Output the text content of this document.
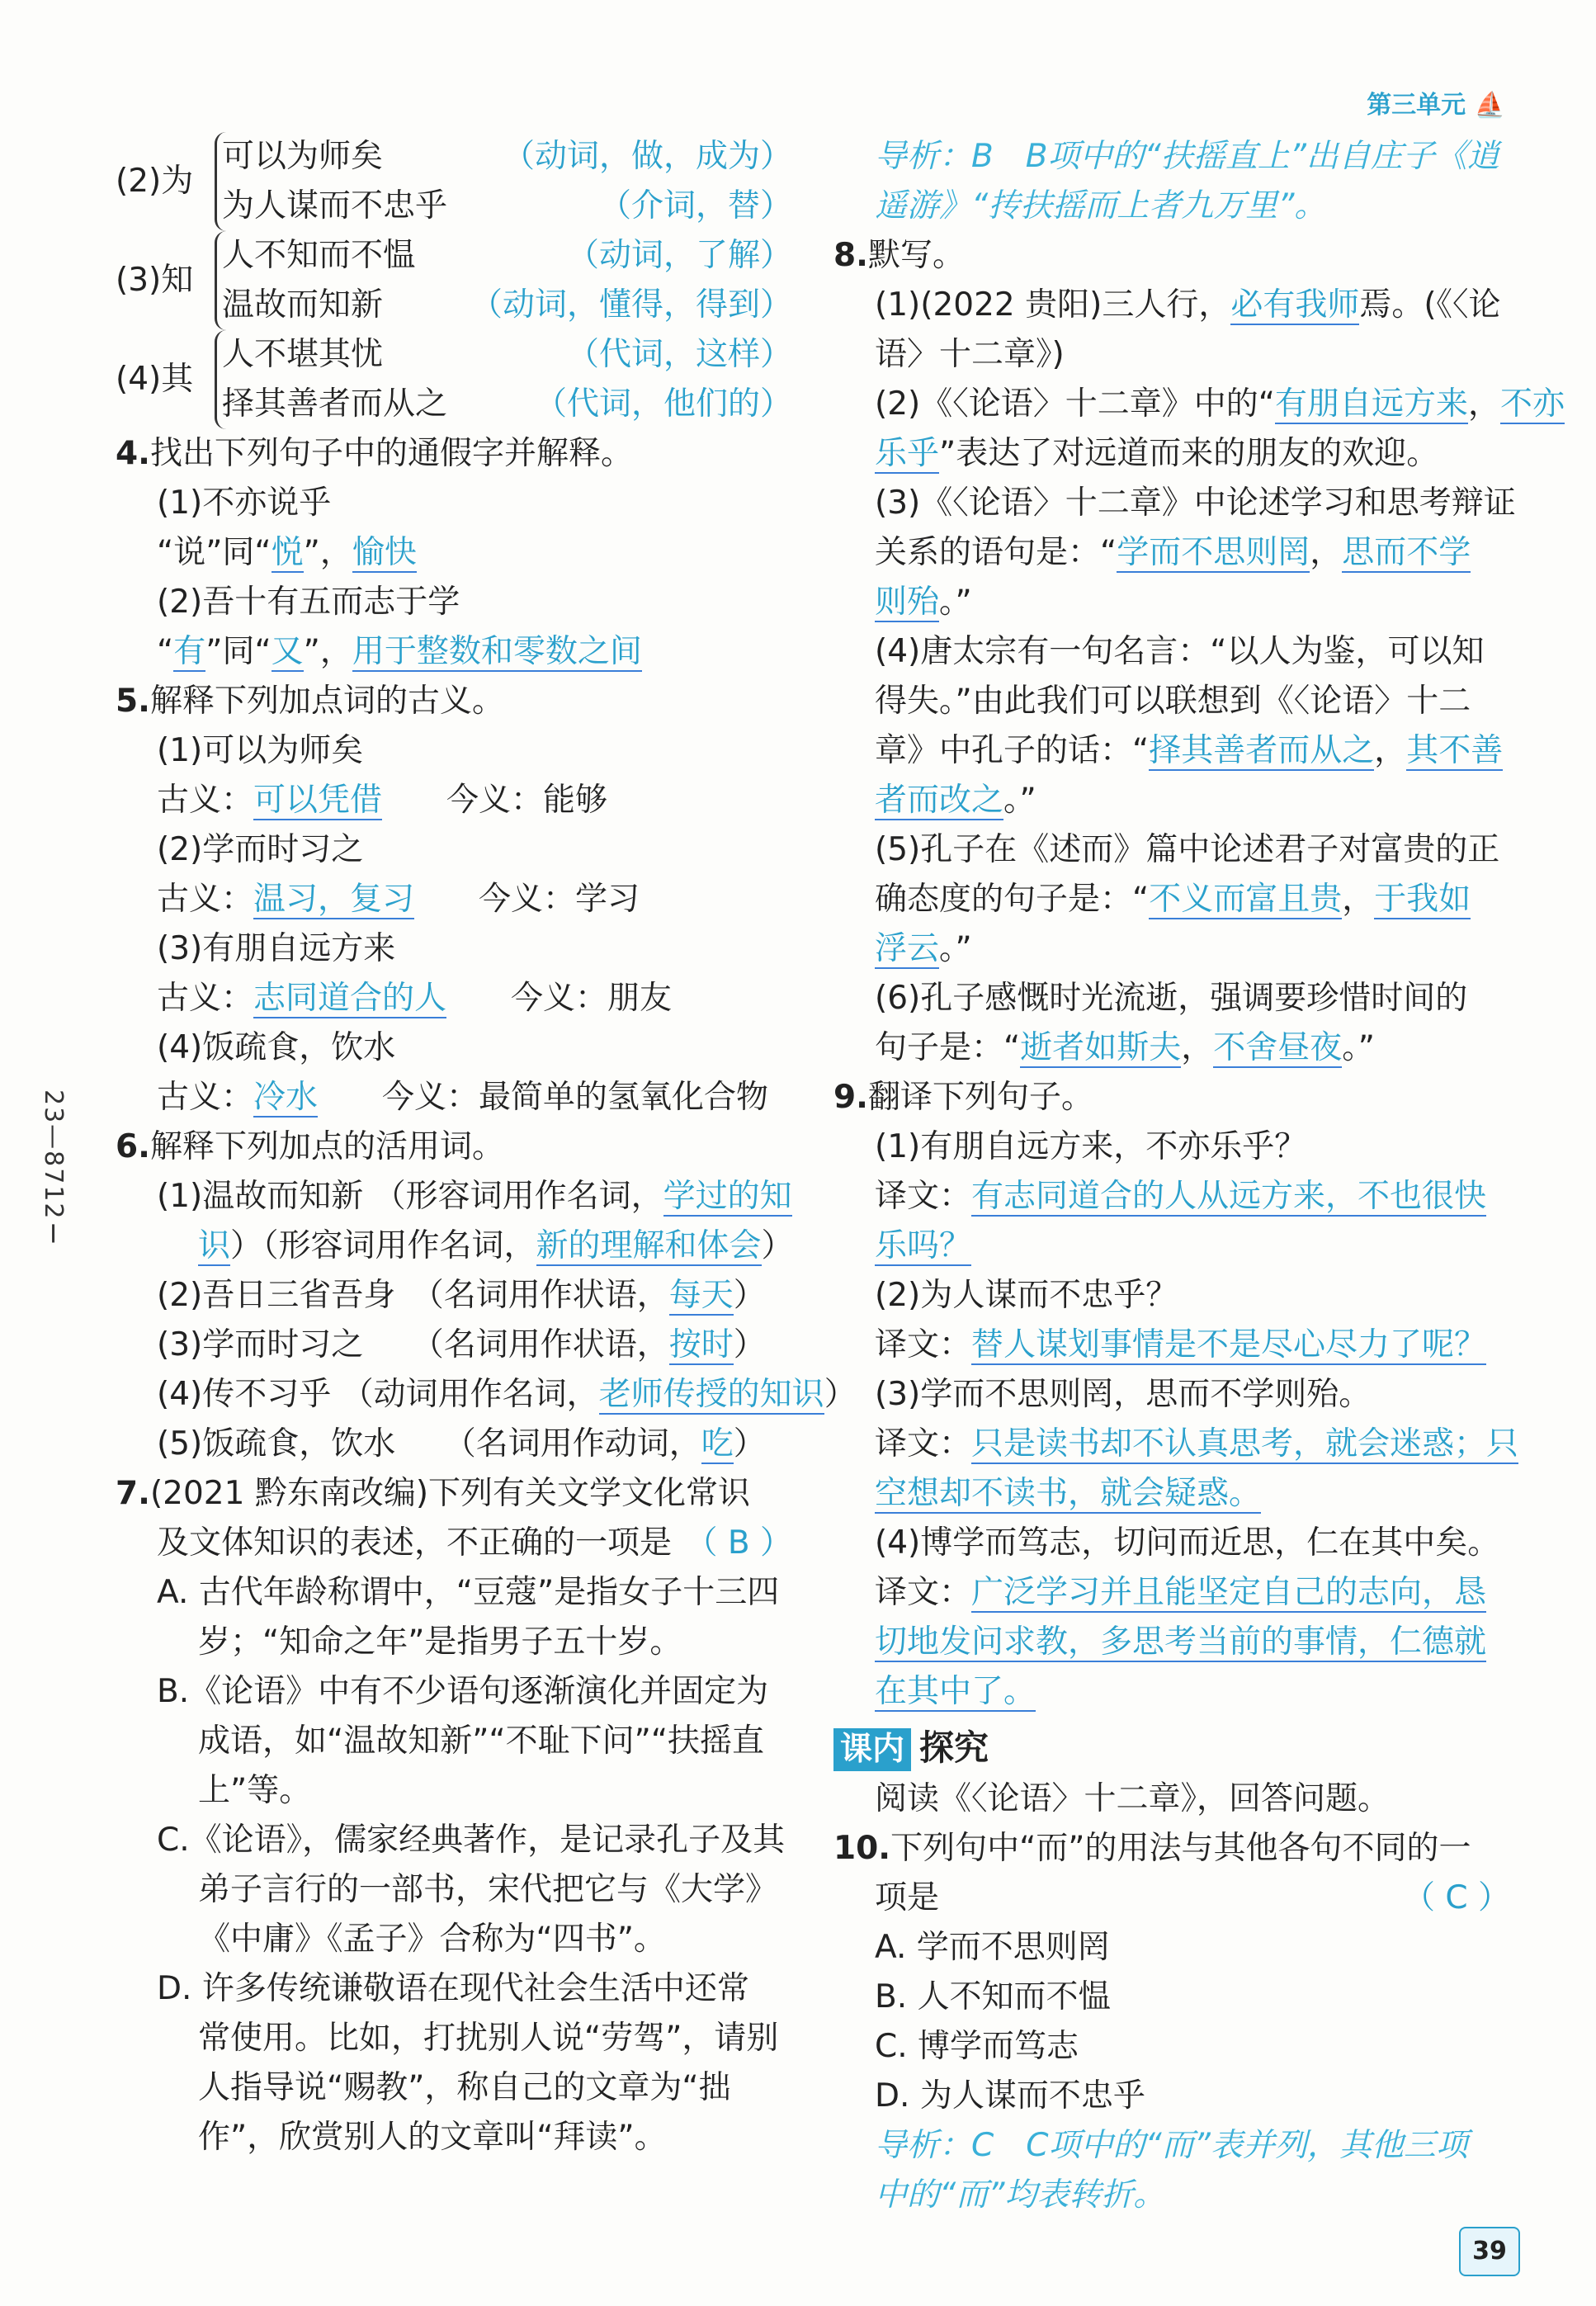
第三单元 ⛵
23—8712Ⅰ
(2)为
可以为师矣	（动词，做，成为）
为人谋而不忠乎	（介词，替）
(3)知
人不知而不愠	（动词，了解）
温故而知新	（动词，懂得，得到）
(4)其
人不堪其忧	（代词，这样）
择其善者而从之	（代词，他们的）
4.找出下列句子中的通假字并解释。
(1)不亦说乎
“说”同“悦”，愉快
(2)吾十有五而志于学
“有”同“又”，用于整数和零数之间
5.解释下列加点词的古义。
(1)可以为师矣
古义：可以凭借　　 今义：能够
(2)学而时习之
古义：温习，复习　　 今义：学习
(3)有朋自远方来
古义：志同道合的人　　 今义：朋友
(4)饭疏食，饮水
古义：冷水　　 今义：最简单的氢氧化合物
6.解释下列加点的活用词。
(1)温故而知新 （形容词用作名词，学过的知
识）（形容词用作名词，新的理解和体会）
(2)吾日三省吾身　 （名词用作状语，每天）
(3)学而时习之　　 （名词用作状语，按时）
(4)传不习乎 （动词用作名词，老师传授的知识）
(5)饭疏食，饮水　　 （名词用作动词，吃）
7.(2021 黔东南改编)下列有关文学文化常识
及文体知识的表述，不正确的一项是 （ B ）
A. 古代年龄称谓中，“豆蔻”是指女子十三四
岁；“知命之年”是指男子五十岁。
B.《论语》中有不少语句逐渐演化并固定为
成语，如“温故知新”“不耻下问”“扶摇直
上”等。
C.《论语》，儒家经典著作，是记录孔子及其
弟子言行的一部书，宋代把它与《大学》
《中庸》《孟子》合称为“四书”。
D. 许多传统谦敬语在现代社会生活中还常
常使用。比如，打扰别人说“劳驾”，请别
人指导说“赐教”，称自己的文章为“拙
作”，欣赏别人的文章叫“拜读”。
导析：B　B项中的“扶摇直上”出自庄子《逍
遥游》“抟扶摇而上者九万里”。
8.默写。
(1)(2022 贵阳)三人行，必有我师焉。(《〈论
语〉十二章》)
(2)《〈论语〉十二章》中的“有朋自远方来，不亦
乐乎”表达了对远道而来的朋友的欢迎。
(3)《〈论语〉十二章》中论述学习和思考辩证
关系的语句是：“学而不思则罔，思而不学
则殆。”
(4)唐太宗有一句名言：“以人为鉴，可以知
得失。”由此我们可以联想到《〈论语〉十二
章》中孔子的话：“择其善者而从之，其不善
者而改之。”
(5)孔子在《述而》篇中论述君子对富贵的正
确态度的句子是：“不义而富且贵，于我如
浮云。”
(6)孔子感慨时光流逝，强调要珍惜时间的
句子是：“逝者如斯夫，不舍昼夜。”
9.翻译下列句子。
(1)有朋自远方来，不亦乐乎？
译文：有志同道合的人从远方来，不也很快
乐吗？
(2)为人谋而不忠乎？
译文：替人谋划事情是不是尽心尽力了呢？
(3)学而不思则罔，思而不学则殆。
译文：只是读书却不认真思考，就会迷惑；只
空想却不读书，就会疑惑。
(4)博学而笃志，切问而近思，仁在其中矣。
译文：广泛学习并且能坚定自己的志向，恳
切地发问求教，多思考当前的事情，仁德就
在其中了。
课内 探究
阅读《〈论语〉十二章》，回答问题。
10.下列句中“而”的用法与其他各句不同的一
项是	（ C ）
A. 学而不思则罔
B. 人不知而不愠
C. 博学而笃志
D. 为人谋而不忠乎
导析：C　C项中的“而”表并列，其他三项
中的“而”均表转折。
39
